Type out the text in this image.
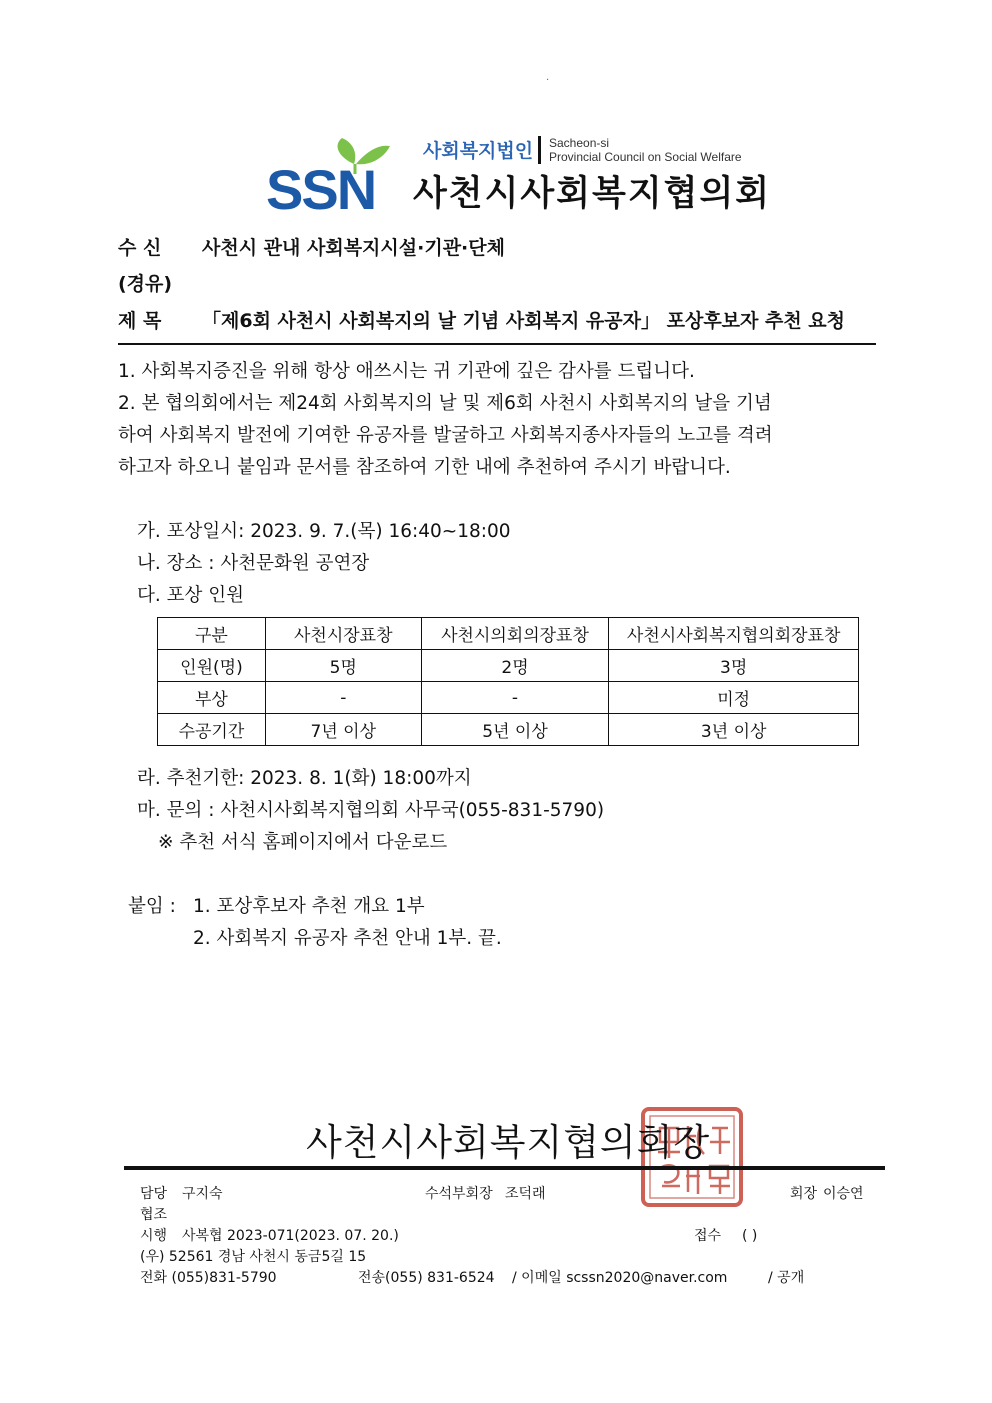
.
SSN
사회복지법인 Sacheon-si
Provincial Council on Social Welfare
사천시사회복지협의회
수 신 사천시 관내 사회복지시설·기관·단체
(경유)
제 목 「제6회 사천시 사회복지의 날 기념 사회복지 유공자」 포상후보자 추천 요청
1. 사회복지증진을 위해 항상 애쓰시는 귀 기관에 깊은 감사를 드립니다.
2. 본 협의회에서는 제24회 사회복지의 날 및 제6회 사천시 사회복지의 날을 기념
하여 사회복지 발전에 기여한 유공자를 발굴하고 사회복지종사자들의 노고를 격려
하고자 하오니 붙임과 문서를 참조하여 기한 내에 추천하여 주시기 바랍니다.
가. 포상일시: 2023. 9. 7.(목) 16:40~18:00
나. 장소 : 사천문화원 공연장
다. 포상 인원
구분	사천시장표창	사천시의회의장표창	사천시사회복지협의회장표창
인원(명)	5명	2명	3명
부상	-	-	미정
수공기간	7년 이상	5년 이상	3년 이상
라. 추천기한: 2023. 8. 1(화) 18:00까지
마. 문의 : 사천시사회복지협의회 사무국(055-831-5790)
※ 추천 서식 홈페이지에서 다운로드
붙임 : 1. 포상후보자 추천 개요 1부
2. 사회복지 유공자 추천 안내 1부. 끝.
사천시사회복지협의회장
담당 구지숙	수석부회장 조덕래	회장 이승연
협조
시행 사복협 2023-071(2023. 07. 20.)	접수 ( )
(우) 52561 경남 사천시 동금5길 15
전화 (055)831-5790	전송(055) 831-6524 / 이메일 scssn2020@naver.com	/ 공개
